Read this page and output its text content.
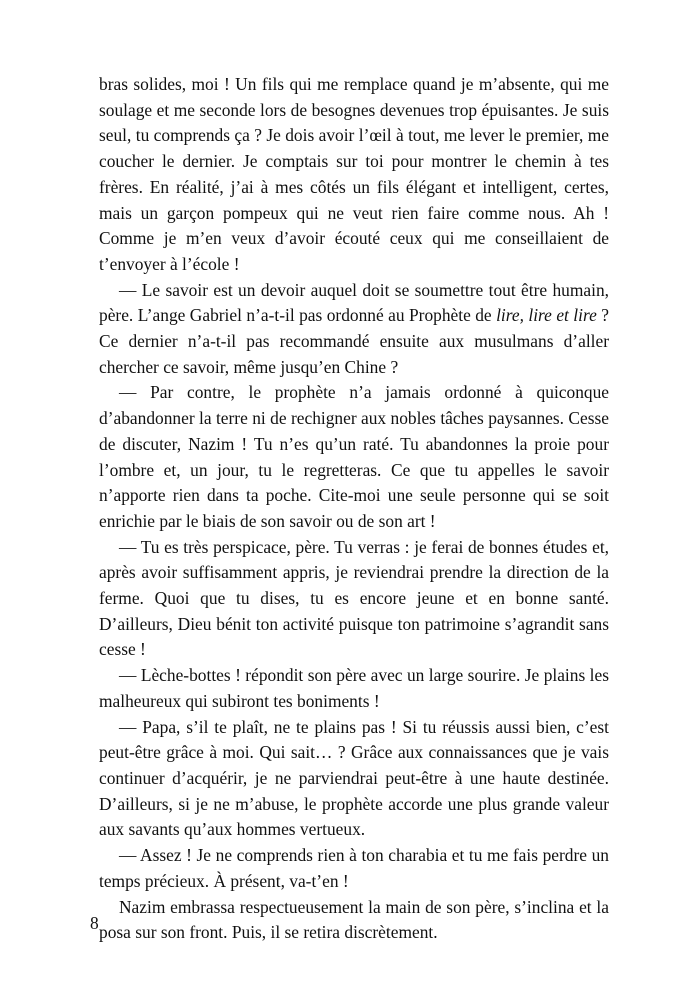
bras solides, moi ! Un fils qui me remplace quand je m’absente, qui me soulage et me seconde lors de besognes devenues trop épuisantes. Je suis seul, tu comprends ça ? Je dois avoir l’œil à tout, me lever le premier, me coucher le dernier. Je comptais sur toi pour montrer le chemin à tes frères. En réalité, j’ai à mes côtés un fils élégant et intelligent, certes, mais un garçon pompeux qui ne veut rien faire comme nous. Ah ! Comme je m’en veux d’avoir écouté ceux qui me conseillaient de t’envoyer à l’école !

— Le savoir est un devoir auquel doit se soumettre tout être humain, père. L’ange Gabriel n’a-t-il pas ordonné au Prophète de lire, lire et lire ? Ce dernier n’a-t-il pas recommandé ensuite aux musulmans d’aller chercher ce savoir, même jusqu’en Chine ?

— Par contre, le prophète n’a jamais ordonné à quiconque d’abandonner la terre ni de rechigner aux nobles tâches paysannes. Cesse de discuter, Nazim ! Tu n’es qu’un raté. Tu abandonnes la proie pour l’ombre et, un jour, tu le regretteras. Ce que tu appelles le savoir n’apporte rien dans ta poche. Cite-moi une seule personne qui se soit enrichie par le biais de son savoir ou de son art !

— Tu es très perspicace, père. Tu verras : je ferai de bonnes études et, après avoir suffisamment appris, je reviendrai prendre la direction de la ferme. Quoi que tu dises, tu es encore jeune et en bonne santé. D’ailleurs, Dieu bénit ton activité puisque ton patrimoine s’agrandit sans cesse !

— Lèche-bottes ! répondit son père avec un large sourire. Je plains les malheureux qui subiront tes boniments !

— Papa, s’il te plaît, ne te plains pas ! Si tu réussis aussi bien, c’est peut-être grâce à moi. Qui sait… ? Grâce aux connaissances que je vais continuer d’acquérir, je ne parviendrai peut-être à une haute destinée. D’ailleurs, si je ne m’abuse, le prophète accorde une plus grande valeur aux savants qu’aux hommes vertueux.

— Assez ! Je ne comprends rien à ton charabia et tu me fais perdre un temps précieux. À présent, va-t’en !

Nazim embrassa respectueusement la main de son père, s’inclina et la posa sur son front. Puis, il se retira discrètement.

8
